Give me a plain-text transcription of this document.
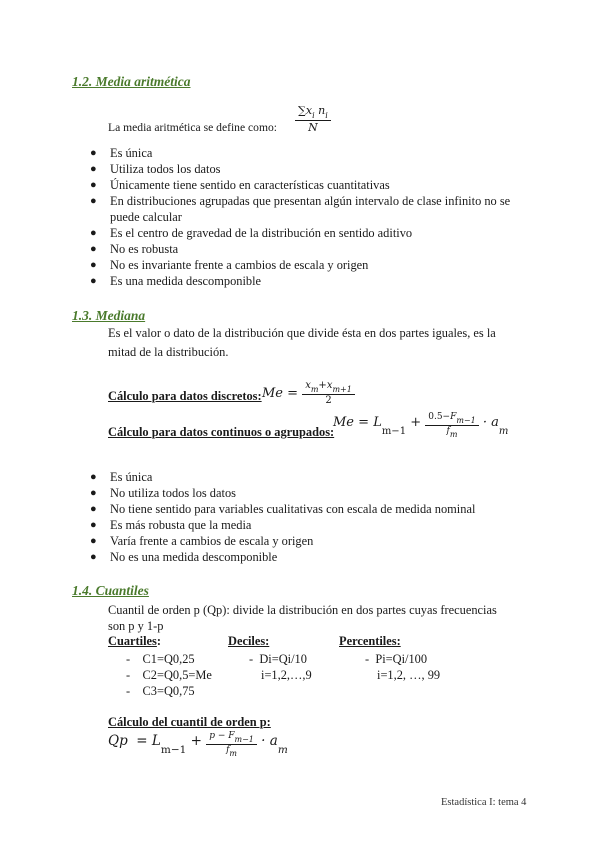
1.2. Media aritmética
La media aritmética se define como: $\frac{\sum x_i n_i}{N}$
● Es única
● Utiliza todos los datos
● Únicamente tiene sentido en características cuantitativas
● En distribuciones agrupadas que presentan algún intervalo de clase infinito no se
puede calcular
● Es el centro de gravedad de la distribución en sentido aditivo
● No es robusta
● No es invariante frente a cambios de escala y origen
● Es una medida descomponible
1.3. Mediana
Es el valor o dato de la distribución que divide ésta en dos partes iguales, es la
mitad de la distribución.
Cálculo para datos discretos: $Me = \frac{x_m+x_{m+1}}{2}$
Cálculo para datos continuos o agrupados:
$Me = L_{m-1} + \frac{0.5-Fm-1}{fm} \cdot a_m$
● Es única
● No utiliza todos los datos
● No tiene sentido para variables cualitativas con escala de medida nominal
● Es más robusta que la media
● Varía frente a cambios de escala y origen
● No es una medida descomponible
1.4. Cuantiles
Cuantil de orden p (Qp): divide la distribución en dos partes cuyas frecuencias
son p y 1-p
Cuartiles:	Deciles:	Percentiles:
-    C1=Q0,25
-    C2=Q0,5=Me
-    C3=Q0,75
-  Di=Qi/10
i=1,2,…,9
-  Pi=Qi/100
i=1,2, …, 99
Cálculo del cuantil de orden p:
$Qp = L_{m-1} + \frac{p - Fm-1}{fm} \cdot a_m$
Estadística I: tema 4
